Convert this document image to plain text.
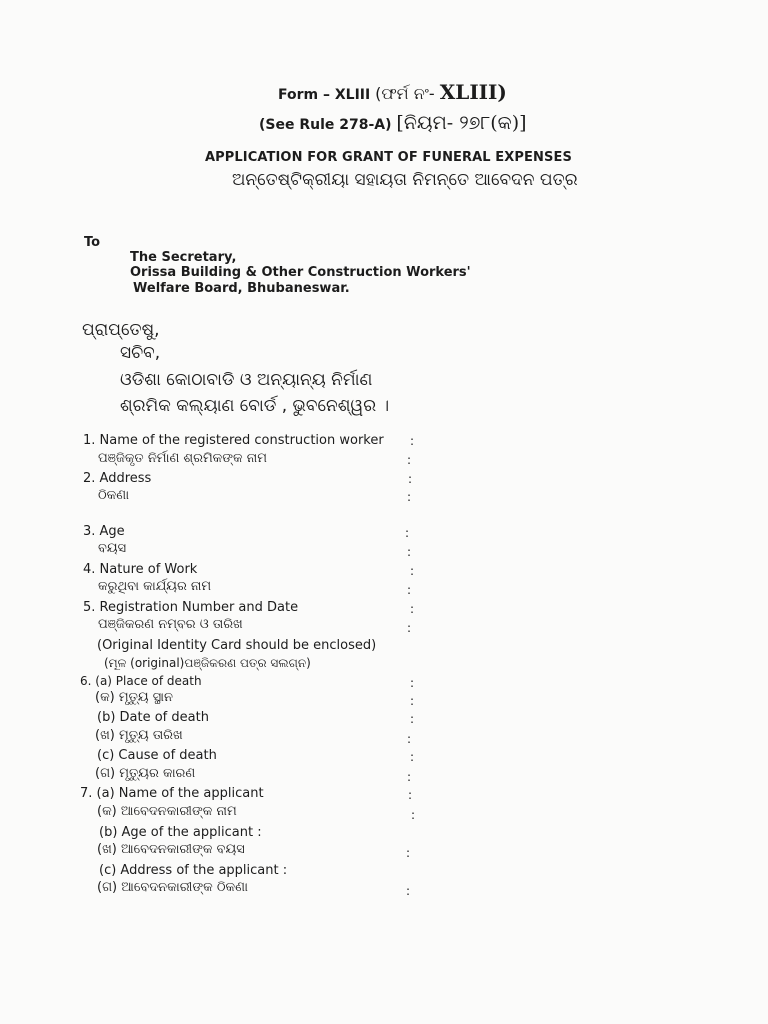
Form – XLIII (ଫର୍ମ ନଂ- XLIII)
(See Rule 278-A) [ନିୟମ- ୨୭୮(କ)]
APPLICATION FOR GRANT OF FUNERAL EXPENSES
ଅନ୍ତେଷ୍ଟିକ୍ରୀୟା ସହାୟତା ନିମନ୍ତେ ଆବେଦନ ପତ୍ର
To
The Secretary,
Orissa Building & Other Construction Workers'
Welfare Board, Bhubaneswar.
ପ୍ରାପ୍ତେଷୁ,
ସଚିବ,
ଓଡିଶା କୋଠାବାଡି ଓ ଅନ୍ୟାନ୍ୟ ନିର୍ମାଣ
ଶ୍ରମିକ କଲ୍ୟାଣ ବୋର୍ଡ , ଭୁବନେଶ୍ୱର ।
1. Name of the registered construction worker :
ପଞ୍ଜିକୃତ ନିର୍ମାଣ ଶ୍ରମିକଙ୍କ ନାମ	:
2. Address	:
ଠିକଣା	:
3. Age	:
ବୟସ	:
4. Nature of Work	:
କରୁଥିବା କାର୍ଯ୍ୟର ନାମ	:
5. Registration Number and Date	:
ପଞ୍ଜିକରଣ ନମ୍ବର ଓ ତାରିଖ	:
(Original Identity Card should be enclosed)
(ମୂଳ (original)ପଞ୍ଜିକରଣ ପତ୍ର ସଲଗ୍ନ)
6. (a) Place of death	:
(କ) ମୃତ୍ୟୁ ସ୍ଥାନ	:
(b) Date of death	:
(ଖ) ମୃତ୍ୟୁ ତାରିଖ	:
(c) Cause of death	:
(ଗ) ମୃତ୍ୟୁର କାରଣ	:
7. (a) Name of the applicant	:
(କ) ଆବେଦନକାରୀଙ୍କ ନାମ	:
(b) Age of the applicant :
(ଖ) ଆବେଦନକାରୀଙ୍କ ବୟସ	:
(c) Address of the applicant :
(ଗ) ଆବେଦନକାରୀଙ୍କ ଠିକଣା	:
